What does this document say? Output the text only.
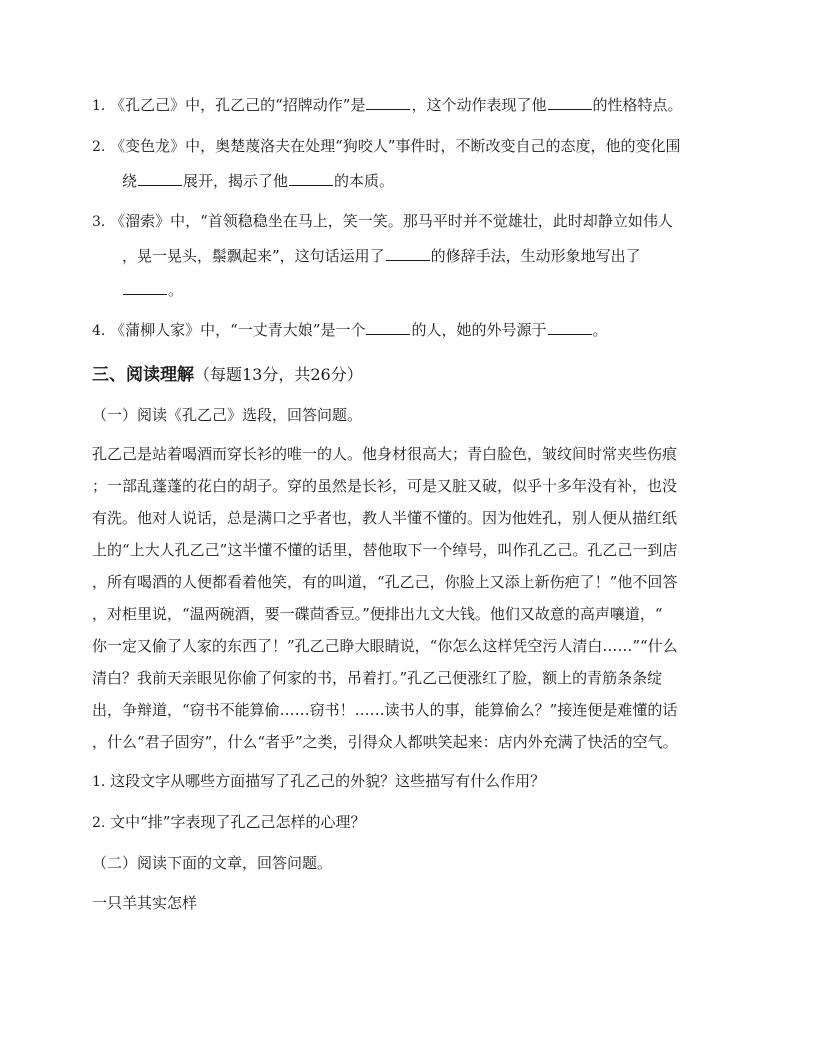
1. 《孔乙己》中，孔乙己的“招牌动作”是	，这个动作表现了他	的性格特点。

2. 《变色龙》中，奥楚蔑洛夫在处理“狗咬人”事件时，不断改变自己的态度，他的变化围

绕	展开，揭示了他	的本质。

3. 《溜索》中，“首领稳稳坐在马上，笑一笑。那马平时并不觉雄壮，此时却静立如伟人

，晃一晃头，鬃飘起来”，这句话运用了	的修辞手法，生动形象地写出了

。

4. 《蒲柳人家》中，“一丈青大娘”是一个	的人，她的外号源于	。

三、阅读理解（每题13分，共26分）

（一）阅读《孔乙己》选段，回答问题。

孔乙己是站着喝酒而穿长衫的唯一的人。他身材很高大；青白脸色，皱纹间时常夹些伤痕
；一部乱蓬蓬的花白的胡子。穿的虽然是长衫，可是又脏又破，似乎十多年没有补，也没
有洗。他对人说话，总是满口之乎者也，教人半懂不懂的。因为他姓孔，别人便从描红纸
上的“上大人孔乙己”这半懂不懂的话里，替他取下一个绰号，叫作孔乙己。孔乙己一到店
，所有喝酒的人便都看着他笑，有的叫道，“孔乙己，你脸上又添上新伤疤了！”他不回答
，对柜里说，“温两碗酒，要一碟茴香豆。”便排出九文大钱。他们又故意的高声嚷道，“
你一定又偷了人家的东西了！”孔乙己睁大眼睛说，“你怎么这样凭空污人清白……”“什么
清白？我前天亲眼见你偷了何家的书，吊着打。”孔乙己便涨红了脸，额上的青筋条条绽
出，争辩道，“窃书不能算偷……窃书！……读书人的事，能算偷么？”接连便是难懂的话
，什么“君子固穷”，什么“者乎”之类，引得众人都哄笑起来：店内外充满了快活的空气。

1. 这段文字从哪些方面描写了孔乙己的外貌？这些描写有什么作用？

2. 文中“排”字表现了孔乙己怎样的心理？

（二）阅读下面的文章，回答问题。

一只羊其实怎样
